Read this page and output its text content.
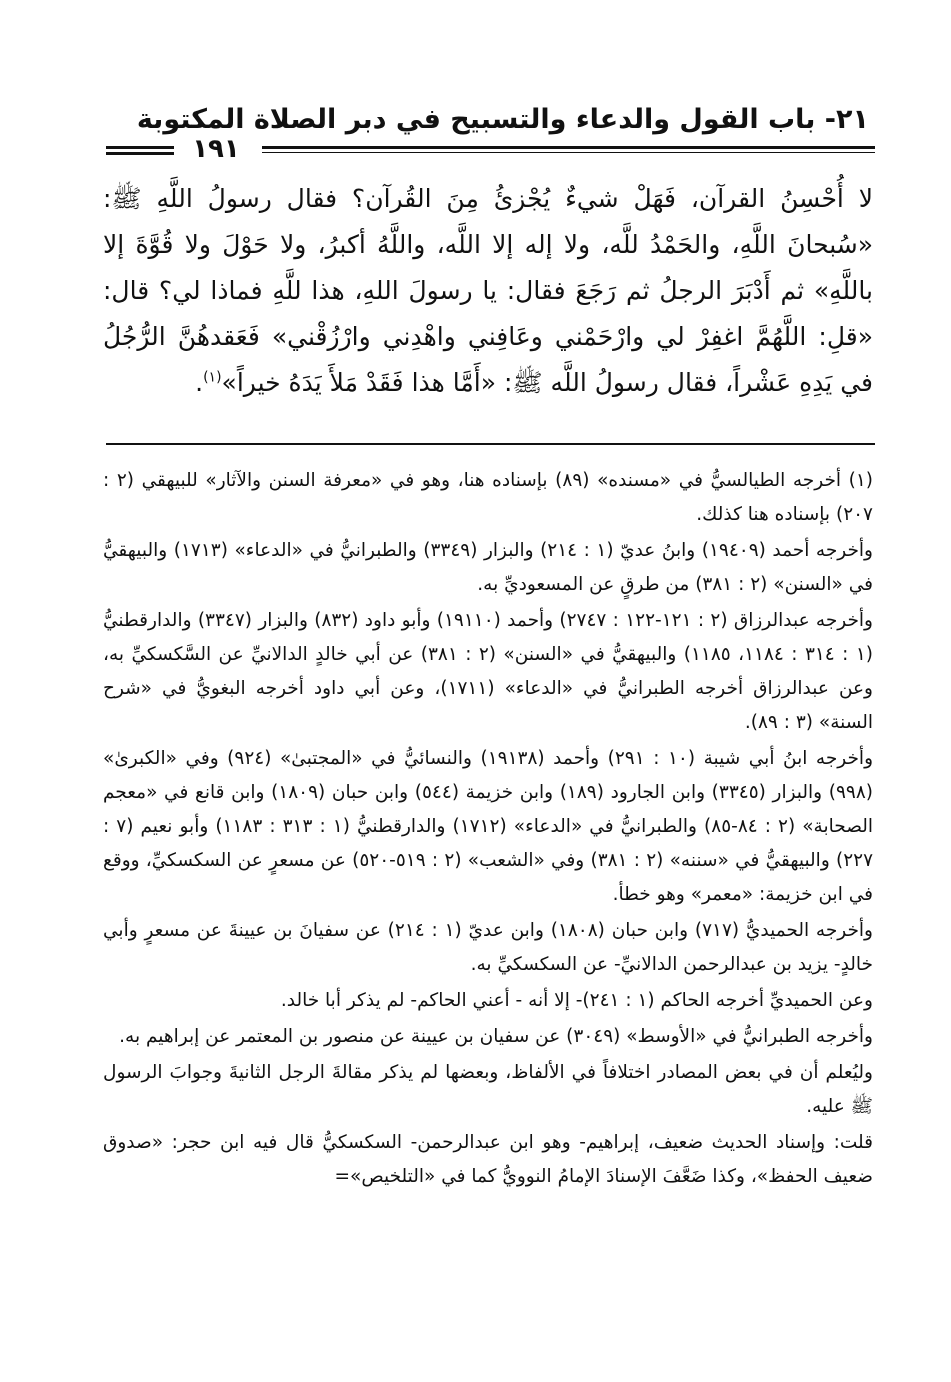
٢١- باب القول والدعاء والتسبيح في دبر الصلاة المكتوبة
١٩١
لا أُحْسِنُ القرآن، فَهَلْ شيءٌ يُجْزئُ مِنَ القُرآن؟ فقال رسولُ اللَّهِ ﷺ: «سُبحانَ اللَّهِ، والحَمْدُ للَّه، ولا إله إلا اللَّه، واللَّهُ أكبرُ، ولا حَوْلَ ولا قُوَّةَ إلا باللَّهِ» ثم أَدْبَرَ الرجلُ ثم رَجَعَ فقال: يا رسولَ اللهِ، هذا للَّهِ فماذا لي؟ قال: «قلِ: اللَّهُمَّ اغفِرْ لي وارْحَمْني وعَافِني واهْدِني وارْزُقْني» فَعَقدهُنَّ الرُّجُلُ في يَدِهِ عَشْراً، فقال رسولُ اللَّه ﷺ: «أَمَّا هذا فَقَدْ مَلأَ يَدَهُ خيراً»$^{(١)}$.

(١) أخرجه الطيالسيُّ في «مسنده» (٨٩) بإسناده هنا، وهو في «معرفة السنن والآثار» للبيهقي (٢ : ٢٠٧) بإسناده هنا كذلك.

وأخرجه أحمد (١٩٤٠٩) وابنُ عديّ (١ : ٢١٤) والبزار (٣٣٤٩) والطبرانيُّ في «الدعاء» (١٧١٣) والبيهقيُّ في «السنن» (٢ : ٣٨١) من طرقٍ عن المسعوديِّ به.

وأخرجه عبدالرزاق (٢ : ١٢١-١٢٢ : ٢٧٤٧) وأحمد (١٩١١٠) وأبو داود (٨٣٢) والبزار (٣٣٤٧) والدارقطنيُّ (١ : ٣١٤ : ١١٨٤، ١١٨٥) والبيهقيُّ في «السنن» (٢ : ٣٨١) عن أبي خالدٍ الدالانيِّ عن السَّكسكيِّ به، وعن عبدالرزاق أخرجه الطبرانيُّ في «الدعاء» (١٧١١)، وعن أبي داود أخرجه البغويُّ في «شرح السنة» (٣ : ٨٩).

وأخرجه ابنُ أبي شيبة (١٠ : ٢٩١) وأحمد (١٩١٣٨) والنسائيُّ في «المجتبىٰ» (٩٢٤) وفي «الكبرىٰ» (٩٩٨) والبزار (٣٣٤٥) وابن الجارود (١٨٩) وابن خزيمة (٥٤٤) وابن حبان (١٨٠٩) وابن قانع في «معجم الصحابة» (٢ : ٨٤-٨٥) والطبرانيُّ في «الدعاء» (١٧١٢) والدارقطنيُّ (١ : ٣١٣ : ١١٨٣) وأبو نعيم (٧ : ٢٢٧) والبيهقيُّ في «سننه» (٢ : ٣٨١) وفي «الشعب» (٢ : ٥١٩-٥٢٠) عن مسعرٍ عن السكسكيِّ، ووقع في ابن خزيمة: «معمر» وهو خطأ.

وأخرجه الحميديُّ (٧١٧) وابن حبان (١٨٠٨) وابن عديّ (١ : ٢١٤) عن سفيانَ بن عيينةَ عن مسعرٍ وأبي خالدٍ- يزيد بن عبدالرحمن الدالانيِّ- عن السكسكيِّ به.

وعن الحميديِّ أخرجه الحاكم (١ : ٢٤١)- إلا أنه - أعني الحاكم- لم يذكر أبا خالد.

وأخرجه الطبرانيُّ في «الأوسط» (٣٠٤٩) عن سفيان بن عيينة عن منصور بن المعتمر عن إبراهيم به.

وليُعلم أن في بعض المصادر اختلافاً في الألفاظ، وبعضها لم يذكر مقالةَ الرجل الثانيةَ وجوابَ الرسول ﷺ عليه.

قلت: وإسناد الحديث ضعيف، إبراهيم- وهو ابن عبدالرحمن- السكسكيُّ قال فيه ابن حجر: «صدوق ضعيف الحفظ»، وكذا ضَعَّفَ الإسنادَ الإمامُ النوويُّ كما في «التلخيص»=
